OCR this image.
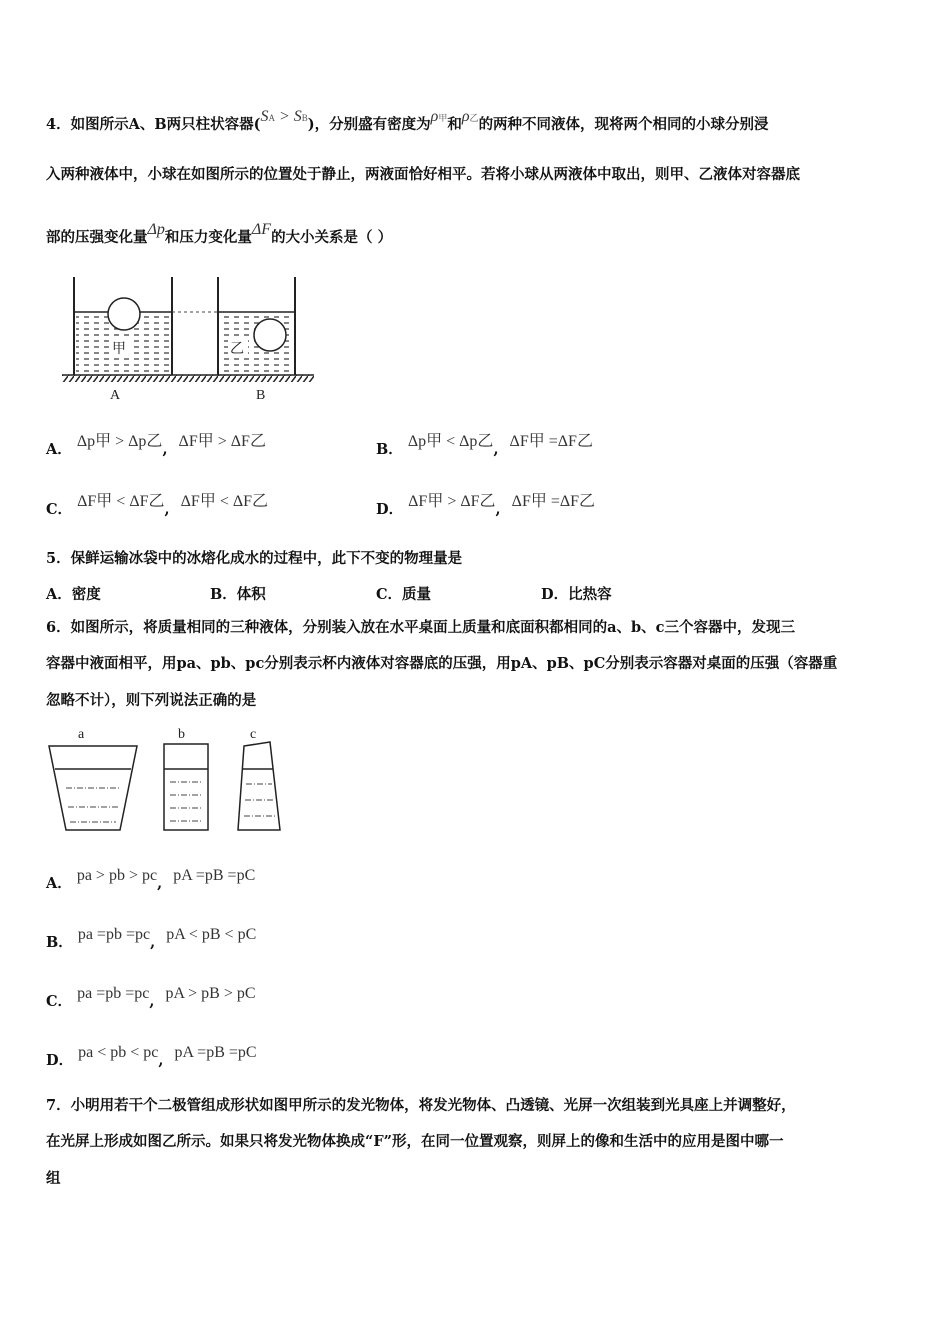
4．如图所示A、B两只柱状容器(SA > SB)，分别盛有密度为ρ甲和ρ乙的两种不同液体，现将两个相同的小球分别浸
入两种液体中，小球在如图所示的位置处于静止，两液面恰好相平。若将小球从两液体中取出，则甲、乙液体对容器底
部的压强变化量Δp和压力变化量ΔF的大小关系是（ ）
甲	乙
A	B
A． Δp甲 > Δp乙, ΔF甲 > ΔF乙	B． Δp甲 < Δp乙, ΔF甲 =ΔF乙
C． ΔF甲 < ΔF乙, ΔF甲 < ΔF乙	D． ΔF甲 > ΔF乙, ΔF甲 =ΔF乙
5．保鲜运输冰袋中的冰熔化成水的过程中，此下不变的物理量是
A．密度	B．体积	C．质量	D．比热容
6．如图所示，将质量相同的三种液体，分别装入放在水平桌面上质量和底面积都相同的a、b、c三个容器中，发现三
容器中液面相平，用pa、pb、pc分别表示杯内液体对容器底的压强，用pA、pB、pC分别表示容器对桌面的压强（容器重
忽略不计），则下列说法正确的是
a	b	c
A． pa > pb > pc, pA =pB =pC
B． pa =pb =pc, pA < pB < pC
C． pa =pb =pc, pA > pB > pC
D． pa < pb < pc, pA =pB =pC
7．小明用若干个二极管组成形状如图甲所示的发光物体，将发光物体、凸透镜、光屏一次组装到光具座上并调整好，
在光屏上形成如图乙所示。如果只将发光物体换成“F”形，在同一位置观察，则屏上的像和生活中的应用是图中哪一
组
